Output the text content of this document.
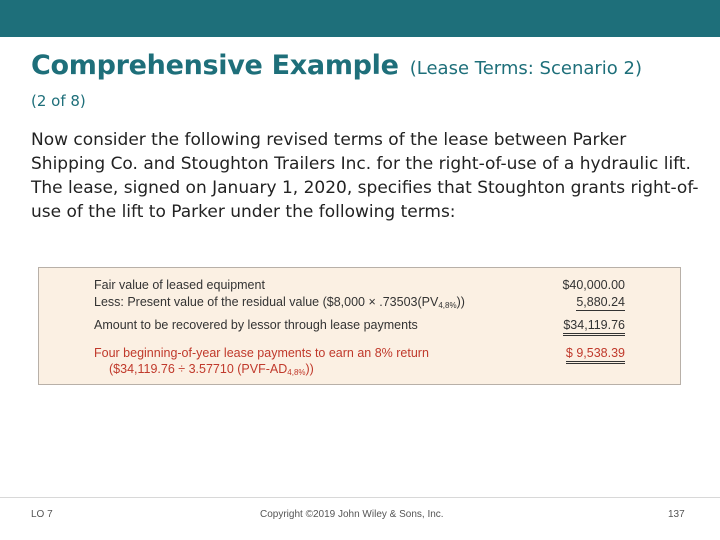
Comprehensive Example (Lease Terms: Scenario 2)
(2 of 8)
Now consider the following revised terms of the lease between Parker Shipping Co. and Stoughton Trailers Inc. for the right-of-use of a hydraulic lift. The lease, signed on January 1, 2020, specifies that Stoughton grants right-of-use of the lift to Parker under the following terms:
Fair value of leased equipment	$40,000.00
Less: Present value of the residual value ($8,000 × $.73503(PV_{4,8\%})$)	5,880.24
Amount to be recovered by lessor through lease payments	$34,119.76
Four beginning-of-year lease payments to earn an 8% return	$ 9,538.39
($34,119.76 ÷ 3.57710 $(PVF-AD_{4,8\%})$)
LO 7	Copyright ©2019 John Wiley & Sons, Inc.	137
